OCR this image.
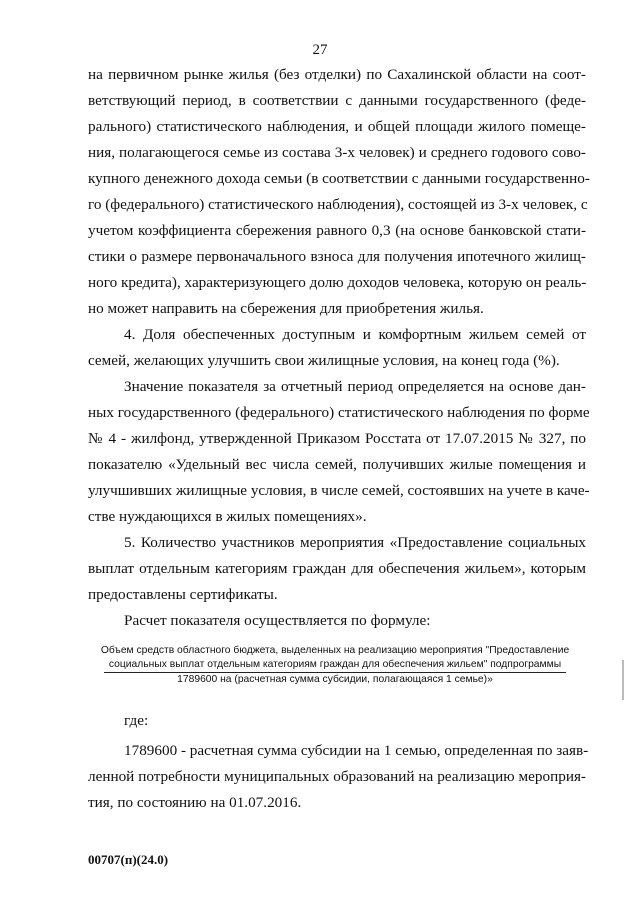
27
на первичном рынке жилья (без отделки) по Сахалинской области на соот-
ветствующий период, в соответствии с данными государственного (феде-
рального) статистического наблюдения, и общей площади жилого помеще-
ния, полагающегося семье из состава 3-х человек) и среднего годового сово-
купного денежного дохода семьи (в соответствии с данными государственно-
го (федерального) статистического наблюдения), состоящей из 3-х человек, с
учетом коэффициента сбережения равного 0,3 (на основе банковской стати-
стики о размере первоначального взноса для получения ипотечного жилищ-
ного кредита), характеризующего долю доходов человека, которую он реаль-
но может направить на сбережения для приобретения жилья.
4. Доля обеспеченных доступным и комфортным жильем семей от
семей, желающих улучшить свои жилищные условия, на конец года (%).
Значение показателя за отчетный период определяется на основе дан-
ных государственного (федерального) статистического наблюдения по форме
№ 4 - жилфонд, утвержденной Приказом Росстата от 17.07.2015 № 327, по
показателю «Удельный вес числа семей, получивших жилые помещения и
улучшивших жилищные условия, в числе семей, состоявших на учете в каче-
стве нуждающихся в жилых помещениях».
5. Количество участников мероприятия «Предоставление социальных
выплат отдельным категориям граждан для обеспечения жильем», которым
предоставлены сертификаты.
Расчет показателя осуществляется по формуле:
Объем средств областного бюджета, выделенных на реализацию мероприятия "Предоставление
социальных выплат отдельным категориям граждан для обеспечения жильем" подпрограммы
1789600 на (расчетная сумма субсидии, полагающаяся 1 семье)»
где:
1789600 - расчетная сумма субсидии на 1 семью, определенная по заяв-
ленной потребности муниципальных образований на реализацию мероприя-
тия, по состоянию на 01.07.2016.
00707(п)(24.0)
